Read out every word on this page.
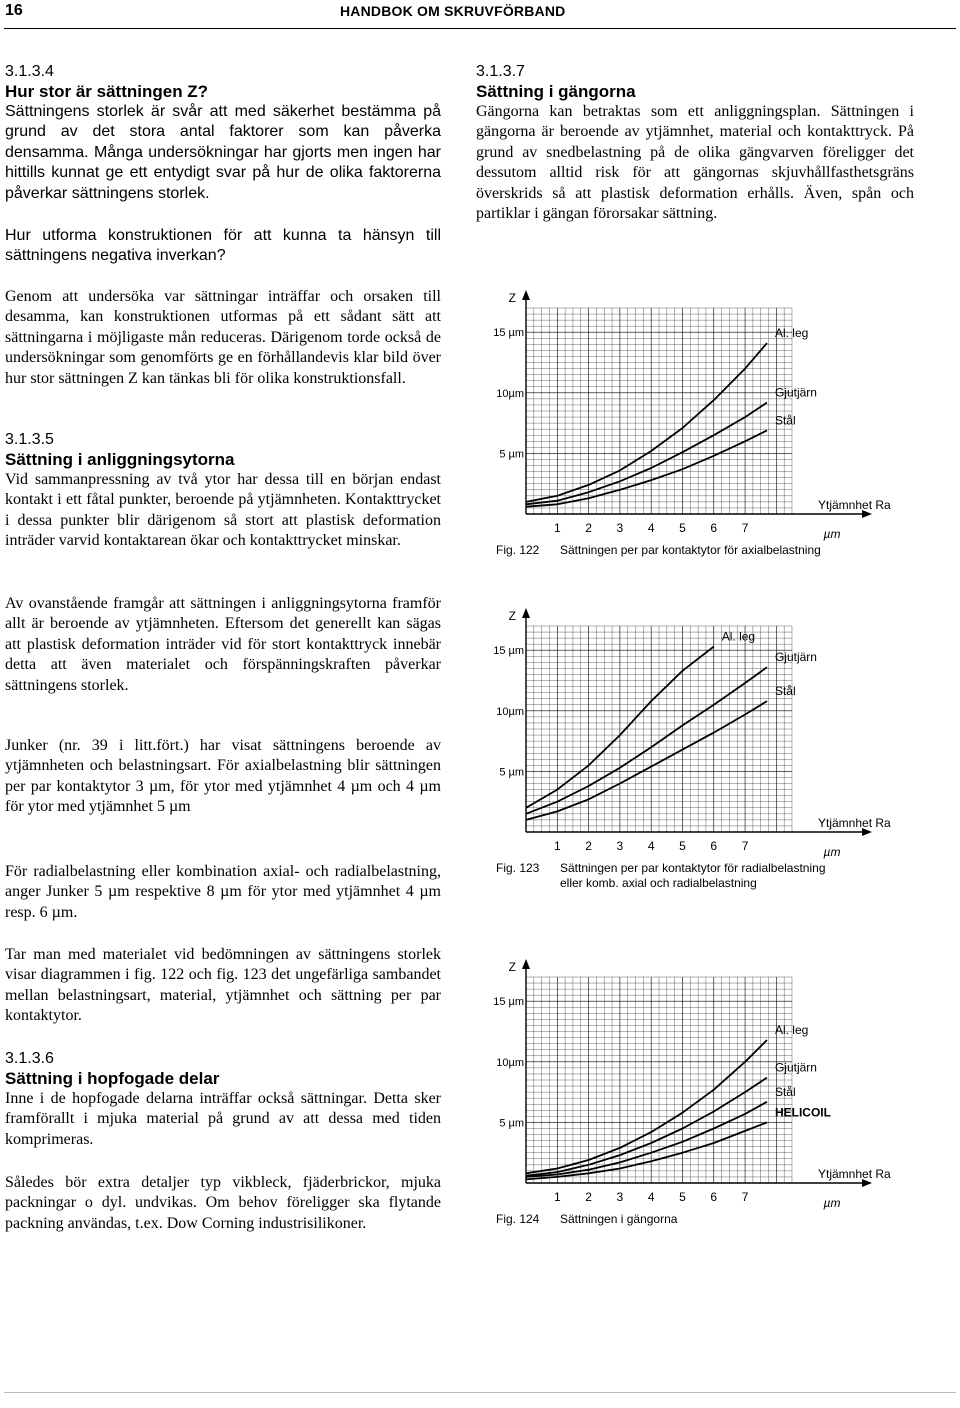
16	HANDBOK OM SKRUVFÖRBAND
3.1.3.4
Hur stor är sättningen Z?

Sättningens storlek är svår att med säkerhet bestämma på grund av det stora antal faktorer som kan påverka densamma. Många undersökningar har gjorts men ingen har hittills kunnat ge ett entydigt svar på hur de olika faktorerna påverkar sättningens storlek.

Hur utforma konstruktionen för att kunna ta hänsyn till sättningens negativa inverkan?

Genom att undersöka var sättningar inträffar och orsaken till desamma, kan konstruktionen utformas på ett sådant sätt att sättningarna i möjligaste mån reduceras. Därigenom torde också de undersökningar som genomförts ge en förhållandevis klar bild över hur stor sättningen Z kan tänkas bli för olika konstruktionsfall.

3.1.3.5
Sättning i anliggningsytorna

Vid sammanpressning av två ytor har dessa till en början endast kontakt i ett fåtal punkter, beroende på ytjämnheten. Kontakttrycket i dessa punkter blir därigenom så stort att plastisk deformation inträder varvid kontaktarean ökar och kontakttrycket minskar.

Av ovanstående framgår att sättningen i anliggningsytorna framför allt är beroende av ytjämnheten. Eftersom det generellt kan sägas att plastisk deformation inträder vid för stort kontakttryck innebär detta att även materialet och förspänningskraften påverkar sättningens storlek.

Junker (nr. 39 i litt.fört.) har visat sättningens beroende av ytjämnheten och belastningsart. För axialbelastning blir sättningen per par kontaktytor 3 µm, för ytor med ytjämnhet 4 µm och 4 µm för ytor med ytjämnhet 5 µm

För radialbelastning eller kombination axial- och radialbelastning, anger Junker 5 µm respektive 8 µm för ytor med ytjämnhet 4 µm resp. 6 µm.

Tar man med materialet vid bedömningen av sättningens storlek visar diagrammen i fig. 122 och fig. 123 det ungefärliga sambandet mellan belastningsart, material, ytjämnhet och sättning per par kontaktytor.

3.1.3.6
Sättning i hopfogade delar

Inne i de hopfogade delarna inträffar också sättningar. Detta sker framförallt i mjuka material på grund av att dessa med tiden komprimeras.

Således bör extra detaljer typ vikbleck, fjäderbrickor, mjuka packningar o dyl. undvikas. Om behov föreligger ska flytande packning användas, t.ex. Dow Corning industrisilikoner.

3.1.3.7
Sättning i gängorna

Gängorna kan betraktas som ett anliggningsplan. Sättningen i gängorna är beroende av ytjämnhet, material och kontakttryck. På grund av snedbelastning på de olika gängvarven föreligger det dessutom alltid risk för att gängornas skjuvhållfasthetsgräns överskrids så att plastisk deformation erhålls. Även, spån och partiklar i gängan förorsakar sättning.

Z
5 µm
10µm
15 µm
1 2 3 4 5 6 7	µm
Ytjämnhet Ra
Al. leg
Gjutjärn
Stål
Fig. 122 Sättningen per par kontaktytor för axialbelastning
Z
5 µm
10µm
15 µm
1 2 3 4 5 6 7	µm
Ytjämnhet Ra
Al. leg
Gjutjärn
Stål
Fig. 123 Sättningen per par kontaktytor för radialbelastning
eller komb. axial och radialbelastning
Z
5 µm
10µm
15 µm
1 2 3 4 5 6 7	µm
Ytjämnhet Ra
Al. leg
Gjutjärn
Stål
HELICOIL
Fig. 124 Sättningen i gängorna
